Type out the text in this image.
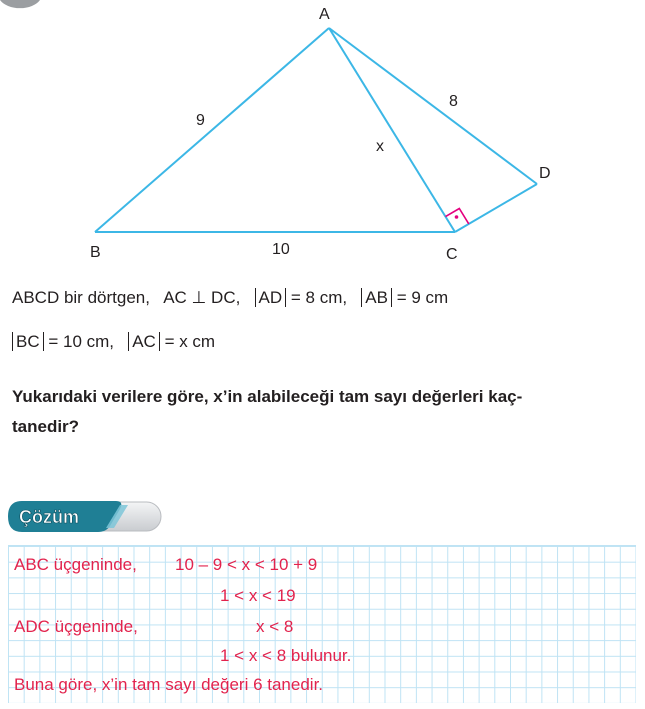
A
B	C
D
9
10
x
8
ABCD bir dörtgen, AC ⊥ DC, AD = 8 cm, AB = 9 cm
BC = 10 cm, AC = x cm
Yukarıdaki verilere göre, x’in alabileceği tam sayı değerleri kaç-
tanedir?
Çözüm
ABC üçgeninde, 10 – 9 < x < 10 + 9
1 < x < 19
ADC üçgeninde,	x < 8
1 < x < 8 bulunur.
Buna göre, x’in tam sayı değeri 6 tanedir.
